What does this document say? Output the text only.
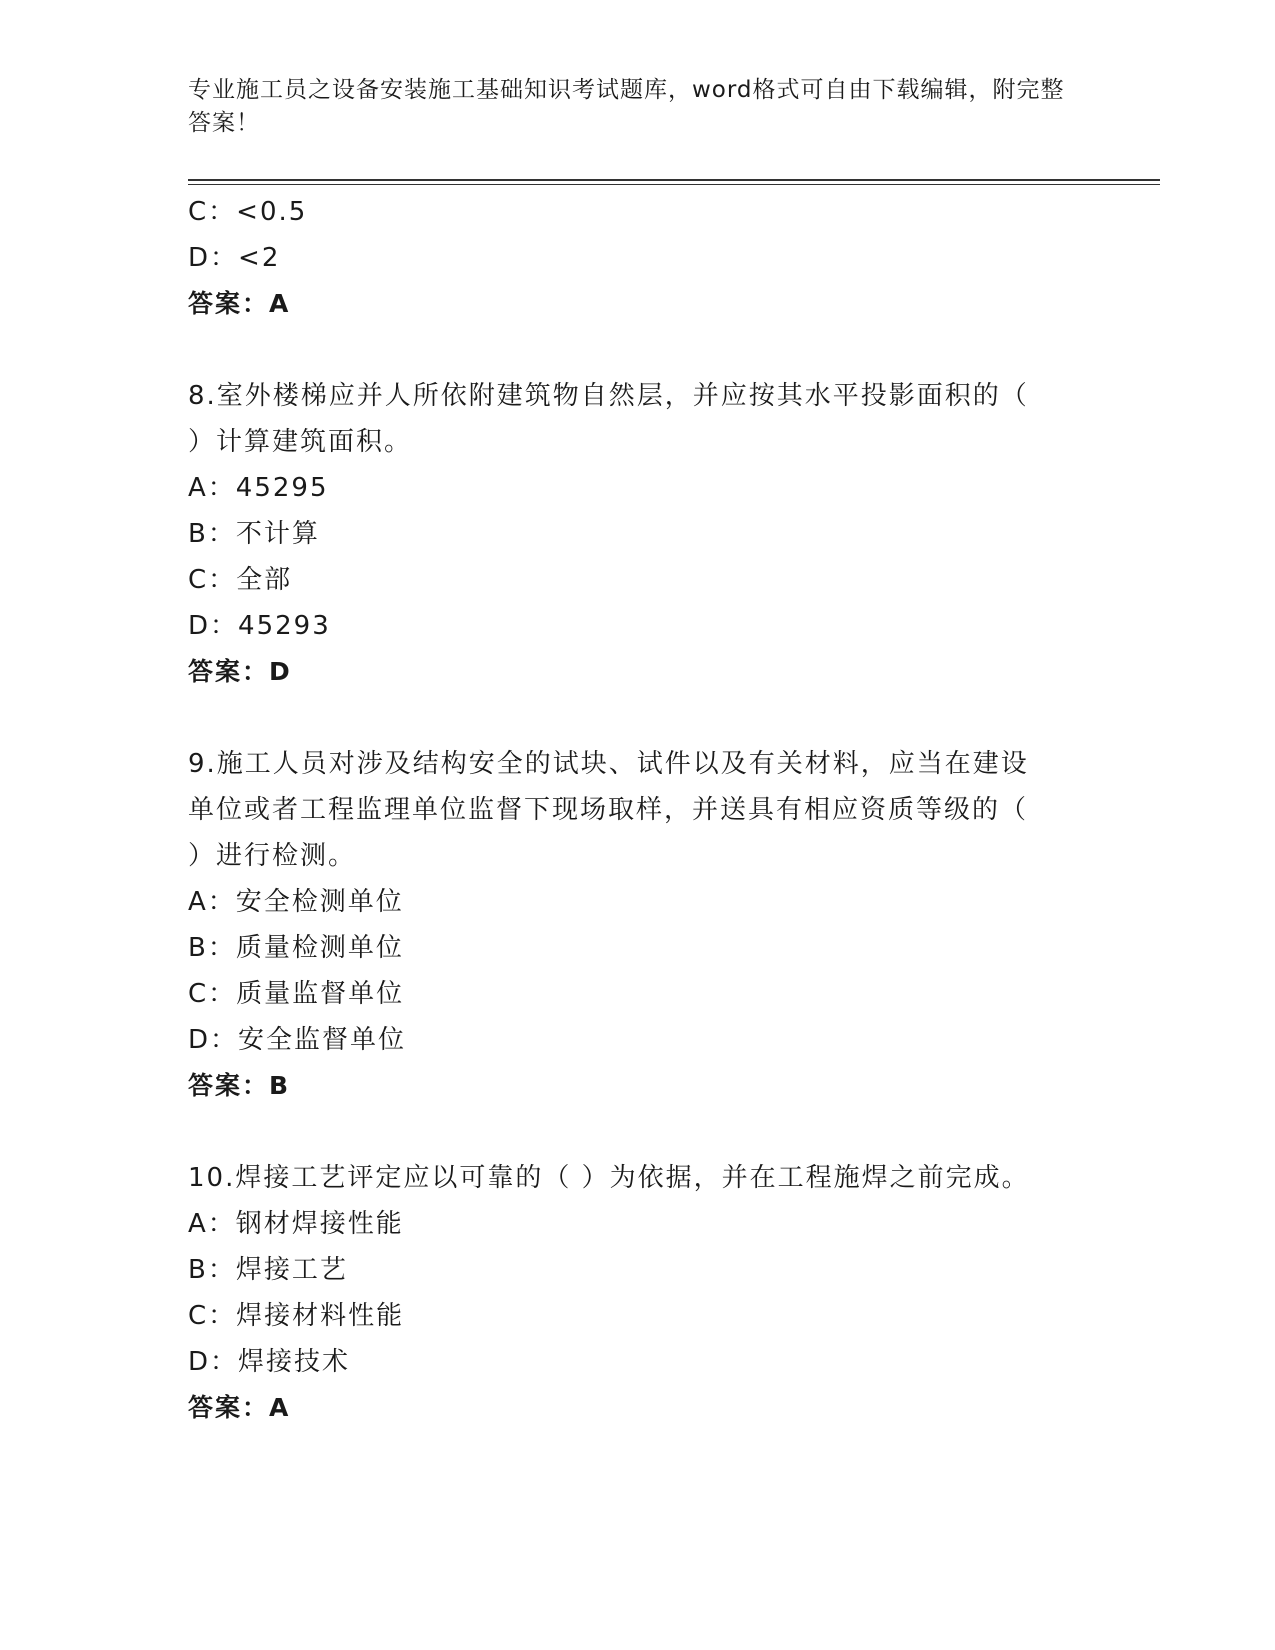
专业施工员之设备安装施工基础知识考试题库，word格式可自由下载编辑，附完整答案！
C：<0.5
D：<2
答案：A
8.室外楼梯应并人所依附建筑物自然层，并应按其水平投影面积的（
）计算建筑面积。
A：45295
B：不计算
C：全部
D：45293
答案：D
9.施工人员对涉及结构安全的试块、试件以及有关材料，应当在建设
单位或者工程监理单位监督下现场取样，并送具有相应资质等级的（
）进行检测。
A：安全检测单位
B：质量检测单位
C：质量监督单位
D：安全监督单位
答案：B
10.焊接工艺评定应以可靠的（ ）为依据，并在工程施焊之前完成。
A：钢材焊接性能
B：焊接工艺
C：焊接材料性能
D：焊接技术
答案：A
